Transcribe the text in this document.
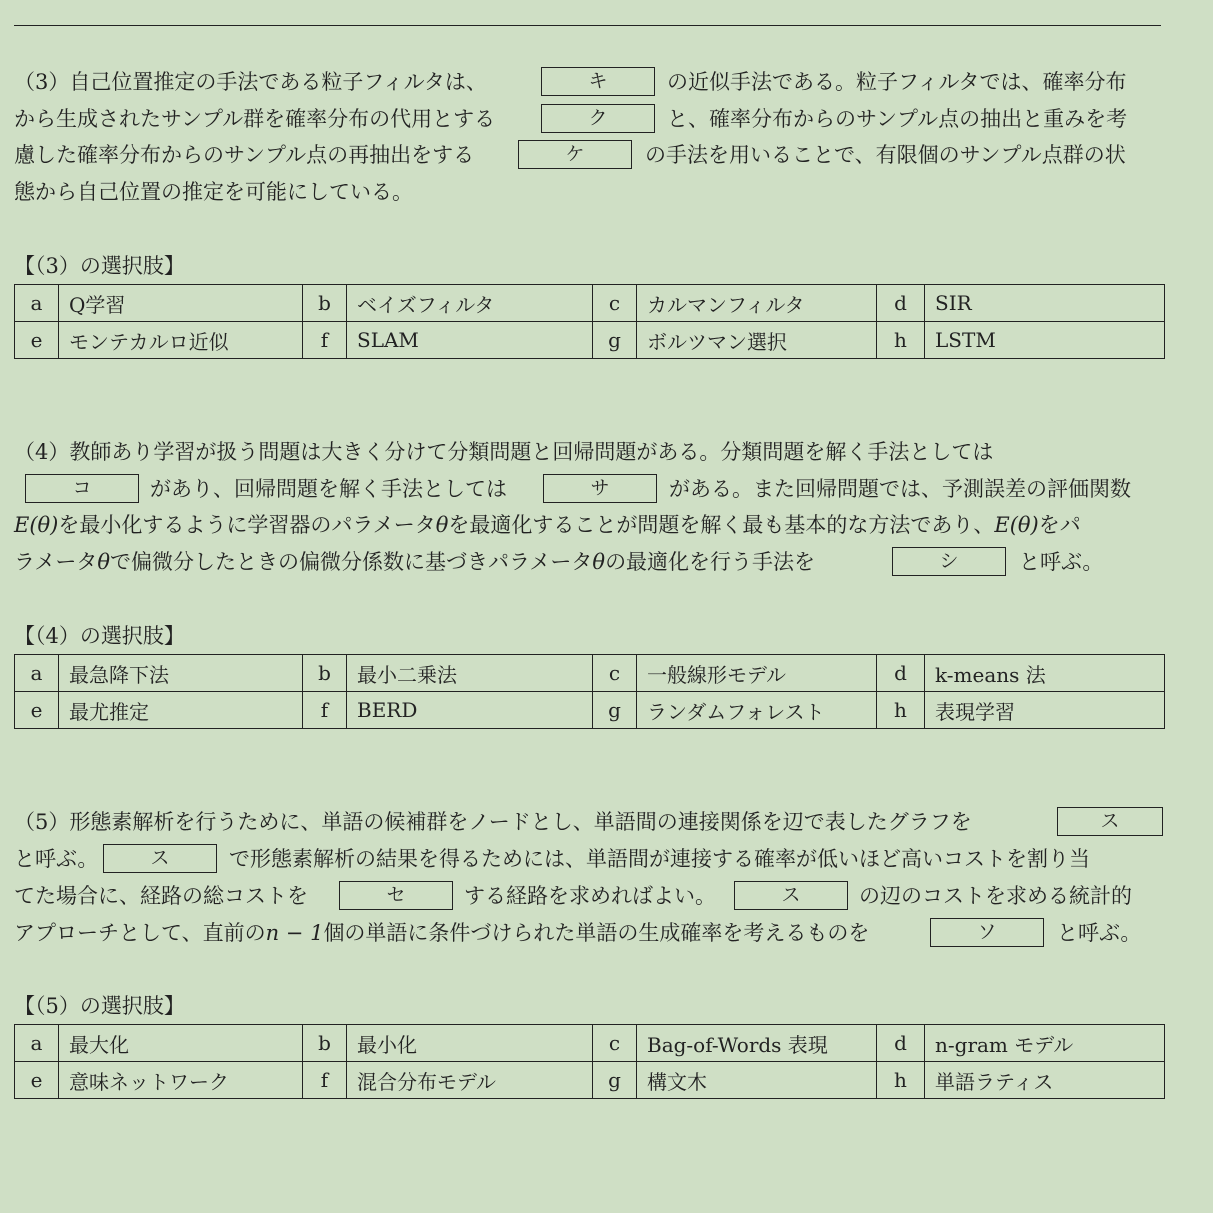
（3）自己位置推定の手法である粒子フィルタは、	キ	の近似手法である。粒子フィルタでは、確率分布
から生成されたサンプル群を確率分布の代用とする	ク	と、確率分布からのサンプル点の抽出と重みを考
慮した確率分布からのサンプル点の再抽出をする	ケ	の手法を用いることで、有限個のサンプル点群の状
態から自己位置の推定を可能にしている。
【（3）の選択肢】
a	Q学習	b	ベイズフィルタ	c	カルマンフィルタ	d	SIR
e	モンテカルロ近似	f	SLAM	g	ボルツマン選択	h	LSTM
（4）教師あり学習が扱う問題は大きく分けて分類問題と回帰問題がある。分類問題を解く手法としては
コ	があり、回帰問題を解く手法としては	サ	がある。また回帰問題では、予測誤差の評価関数
E(θ)を最小化するように学習器のパラメータθを最適化することが問題を解く最も基本的な方法であり、E(θ)をパ
ラメータθで偏微分したときの偏微分係数に基づきパラメータθの最適化を行う手法を	シ	と呼ぶ。
【（4）の選択肢】
a	最急降下法	b	最小二乗法	c	一般線形モデル	d	k-means 法
e	最尤推定	f	BERD	g	ランダムフォレスト	h	表現学習
（5）形態素解析を行うために、単語の候補群をノードとし、単語間の連接関係を辺で表したグラフを	ス
と呼ぶ。	ス	で形態素解析の結果を得るためには、単語間が連接する確率が低いほど高いコストを割り当
てた場合に、経路の総コストを	セ	する経路を求めればよい。	ス	の辺のコストを求める統計的
アプローチとして、直前のn − 1個の単語に条件づけられた単語の生成確率を考えるものを	ソ	と呼ぶ。
【（5）の選択肢】
a	最大化	b	最小化	c	Bag-of-Words 表現	d	n-gram モデル
e	意味ネットワーク	f	混合分布モデル	g	構文木	h	単語ラティス
